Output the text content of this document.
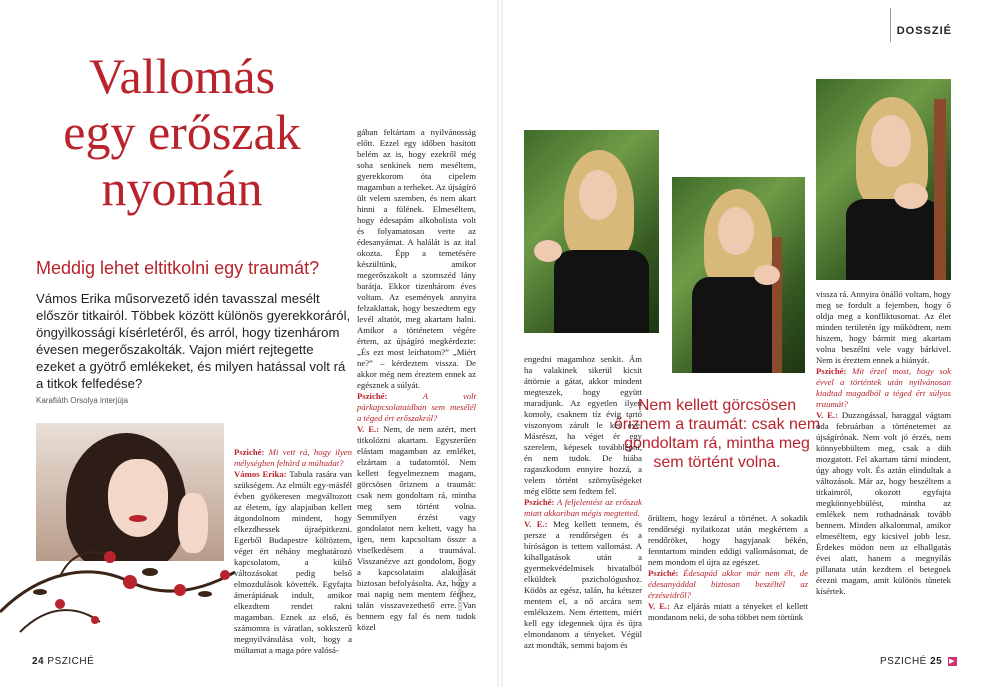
Vallomás
egy erőszak
nyomán
Meddig lehet eltitkolni egy traumát?
Vámos Erika műsorvezető idén tavasszal mesélt először titkairól. Többek között különös gyerekkoráról, öngyilkossági kísérletéről, és arról, hogy tizenhárom évesen megerőszakolták. Vajon miért rejtegette ezeket a gyötrő emlékeket, és milyen hatással volt rá a titkok felfedése?
Karafiáth Orsolya interjúja

Psziché: Mi vett rá, hogy ilyen mélységben feltárd a múltadat?

Vámos Erika: Tabula rasára van szükségem. Az elmúlt egy-másfél évben gyökeresen megváltozott az életem, így alapjaiban kellett átgondolnom mindent, hogy elkezdhessek újraépítkezni. Egerből Budapestre költöztem, véget ért néhány meghatározó kapcsolatom, a külső változásokat pedig belső elmozdulások követték. Egyfajta ámerápiának indult, amikor elkezdtem rendet rakni magamban. Eznek az első, és számomra is váratlan, sokkszerű megnyilvánulása volt, hogy a múltamat a maga póre valósá-

gában feltártam a nyilvánosság előtt. Ezzel egy időben hasított belém az is, hogy ezekről még soha senkinek nem meséltem, gyerekkorom óta cipelem magamban a terheket. Az újságíró ült velem szemben, és nem akart hinni a fülének. Elmeséltem, hogy édesapám alkoholista volt és folyamatosan verte az édesanyámat. A halálát is az ital okozta. Épp a temetésére készültünk, amikor megerőszakolt a szomszéd lány barátja. Ekkor tizenhárom éves voltam. Az események annyira felzaklattak, hogy beszedtem egy levél altatót, meg akartam halni. Amikor a történetem végére értem, az újságíró megkérdezte: „És ezt most leírhatom?” „Miért ne?” – kérdeztem vissza. De akkor még nem éreztem ennek az egésznek a súlyát.

Psziché:	A volt párkapcsolataidban sem mesélél a téged ért erőszakról?

V. E.: Nem, de nem azért, mert titkolózni akartam. Egyszerűen elástam magamban az emléket, elzártam a tudatomtól. Nem kellett fegyelmeznem magam, görcsösen őriznem a traumát: csak nem gondoltam rá, mintha meg sem történt volna. Semmilyen érzést vagy gondolatot nem keltett, vagy ha igen, nem kapcsoltam össze a viselkedésem a traumával. Visszanézve azt gondolom, hogy a kapcsolataim alakulását biztosan befolyásolta. Az, hogy a mai napig nem mentem férjhez, talán visszavezethető erre. Van bennem egy fal és nem tudok közel

FOTÓ: XXXXXXXXXXX
24 PSZICHÉ
DOSSZIÉ
Nem kellett görcsösen őriznem a traumát: csak nem gondoltam rá, mintha meg sem történt volna.

engedni magamhoz senkit. Ám ha valakinek sikerül kicsit áttörnie a gátat, akkor mindent megteszek, hogy együtt maradjunk. Az egyetlen ilyen komoly, csaknem tíz évig tartó viszonyom zárult le két éve. Másrészt, ha véget ér egy szerelem, képesek továbblépni, én nem tudok. De hiába ragaszkodom ennyire hozzá, a velem történt szörnyűségeket még előtte sem fedtem fel.

Psziché: A feljelentést az erőszak miatt akkoriban mégis megtetted.

V. E.: Meg kellett tennem, és persze a rendőrségen és a bíróságon is tettem vallomást. A kihallgatások után a gyermekvédelmisek hivatalból elküldtek pszichológushoz. Ködös az egész, talán, ha kétszer mentem el, a nő arcára sem emlékszem. Nem értettem, miért kell egy idegennek újra és újra elmondanom a tényeket. Végül azt mondták, semmi bajom és

őrültem, hogy lezárul a történet. A sokadik rendőrségi nyilatkozat után megkértem a rendőröket, hogy hagyjanak békén, fenntartom minden eddigi vallomásomat, de nem mondom el újra az egészet.

Psziché: Édesapád akkor már nem élt, de édesanyáddal biztosan beszéltél az érzéseidről?

V. E.: Az eljárás miatt a tényeket el kellett mondanom neki, de soha többet nem törtünk

vissza rá. Annyira önálló voltam, hogy meg se fordult a fejemben, hogy ő oldja meg a konfliktusomat. Az élet minden területén így működtem, nem hiszem, hogy bármit meg akartam volna beszélni vele vagy bárkivel. Nem is éreztem ennek a hiányát.

Psziché: Mit érzel most, hogy sok évvel a történtek után nyilvánosan kiadtad magadból a téged ért súlyos traumát?

V. E.: Duzzogással, haraggal vágtam oda februárban a történetemet az újságírónak. Nem volt jó érzés, nem könnyebbültem meg, csak a düh mozgatott. Fel akartam tárni mindent, úgy ahogy volt. És aztán elindultak a változások. Már az, hogy beszéltem a titkaimról, okozott egyfajta megkönnyebbülést, mintha az emlékek nem rothadnának tovább bennem. Minden alkalommal, amikor elmeséltem, egy kicsivel jobb lesz. Érdekes módon nem az elhallgatás évei alatt, hanem a megnyílás pillanata után kezdtem el betegnek érezni magam, amit különös tünetek kísértek.

PSZICHÉ 25 ▶
